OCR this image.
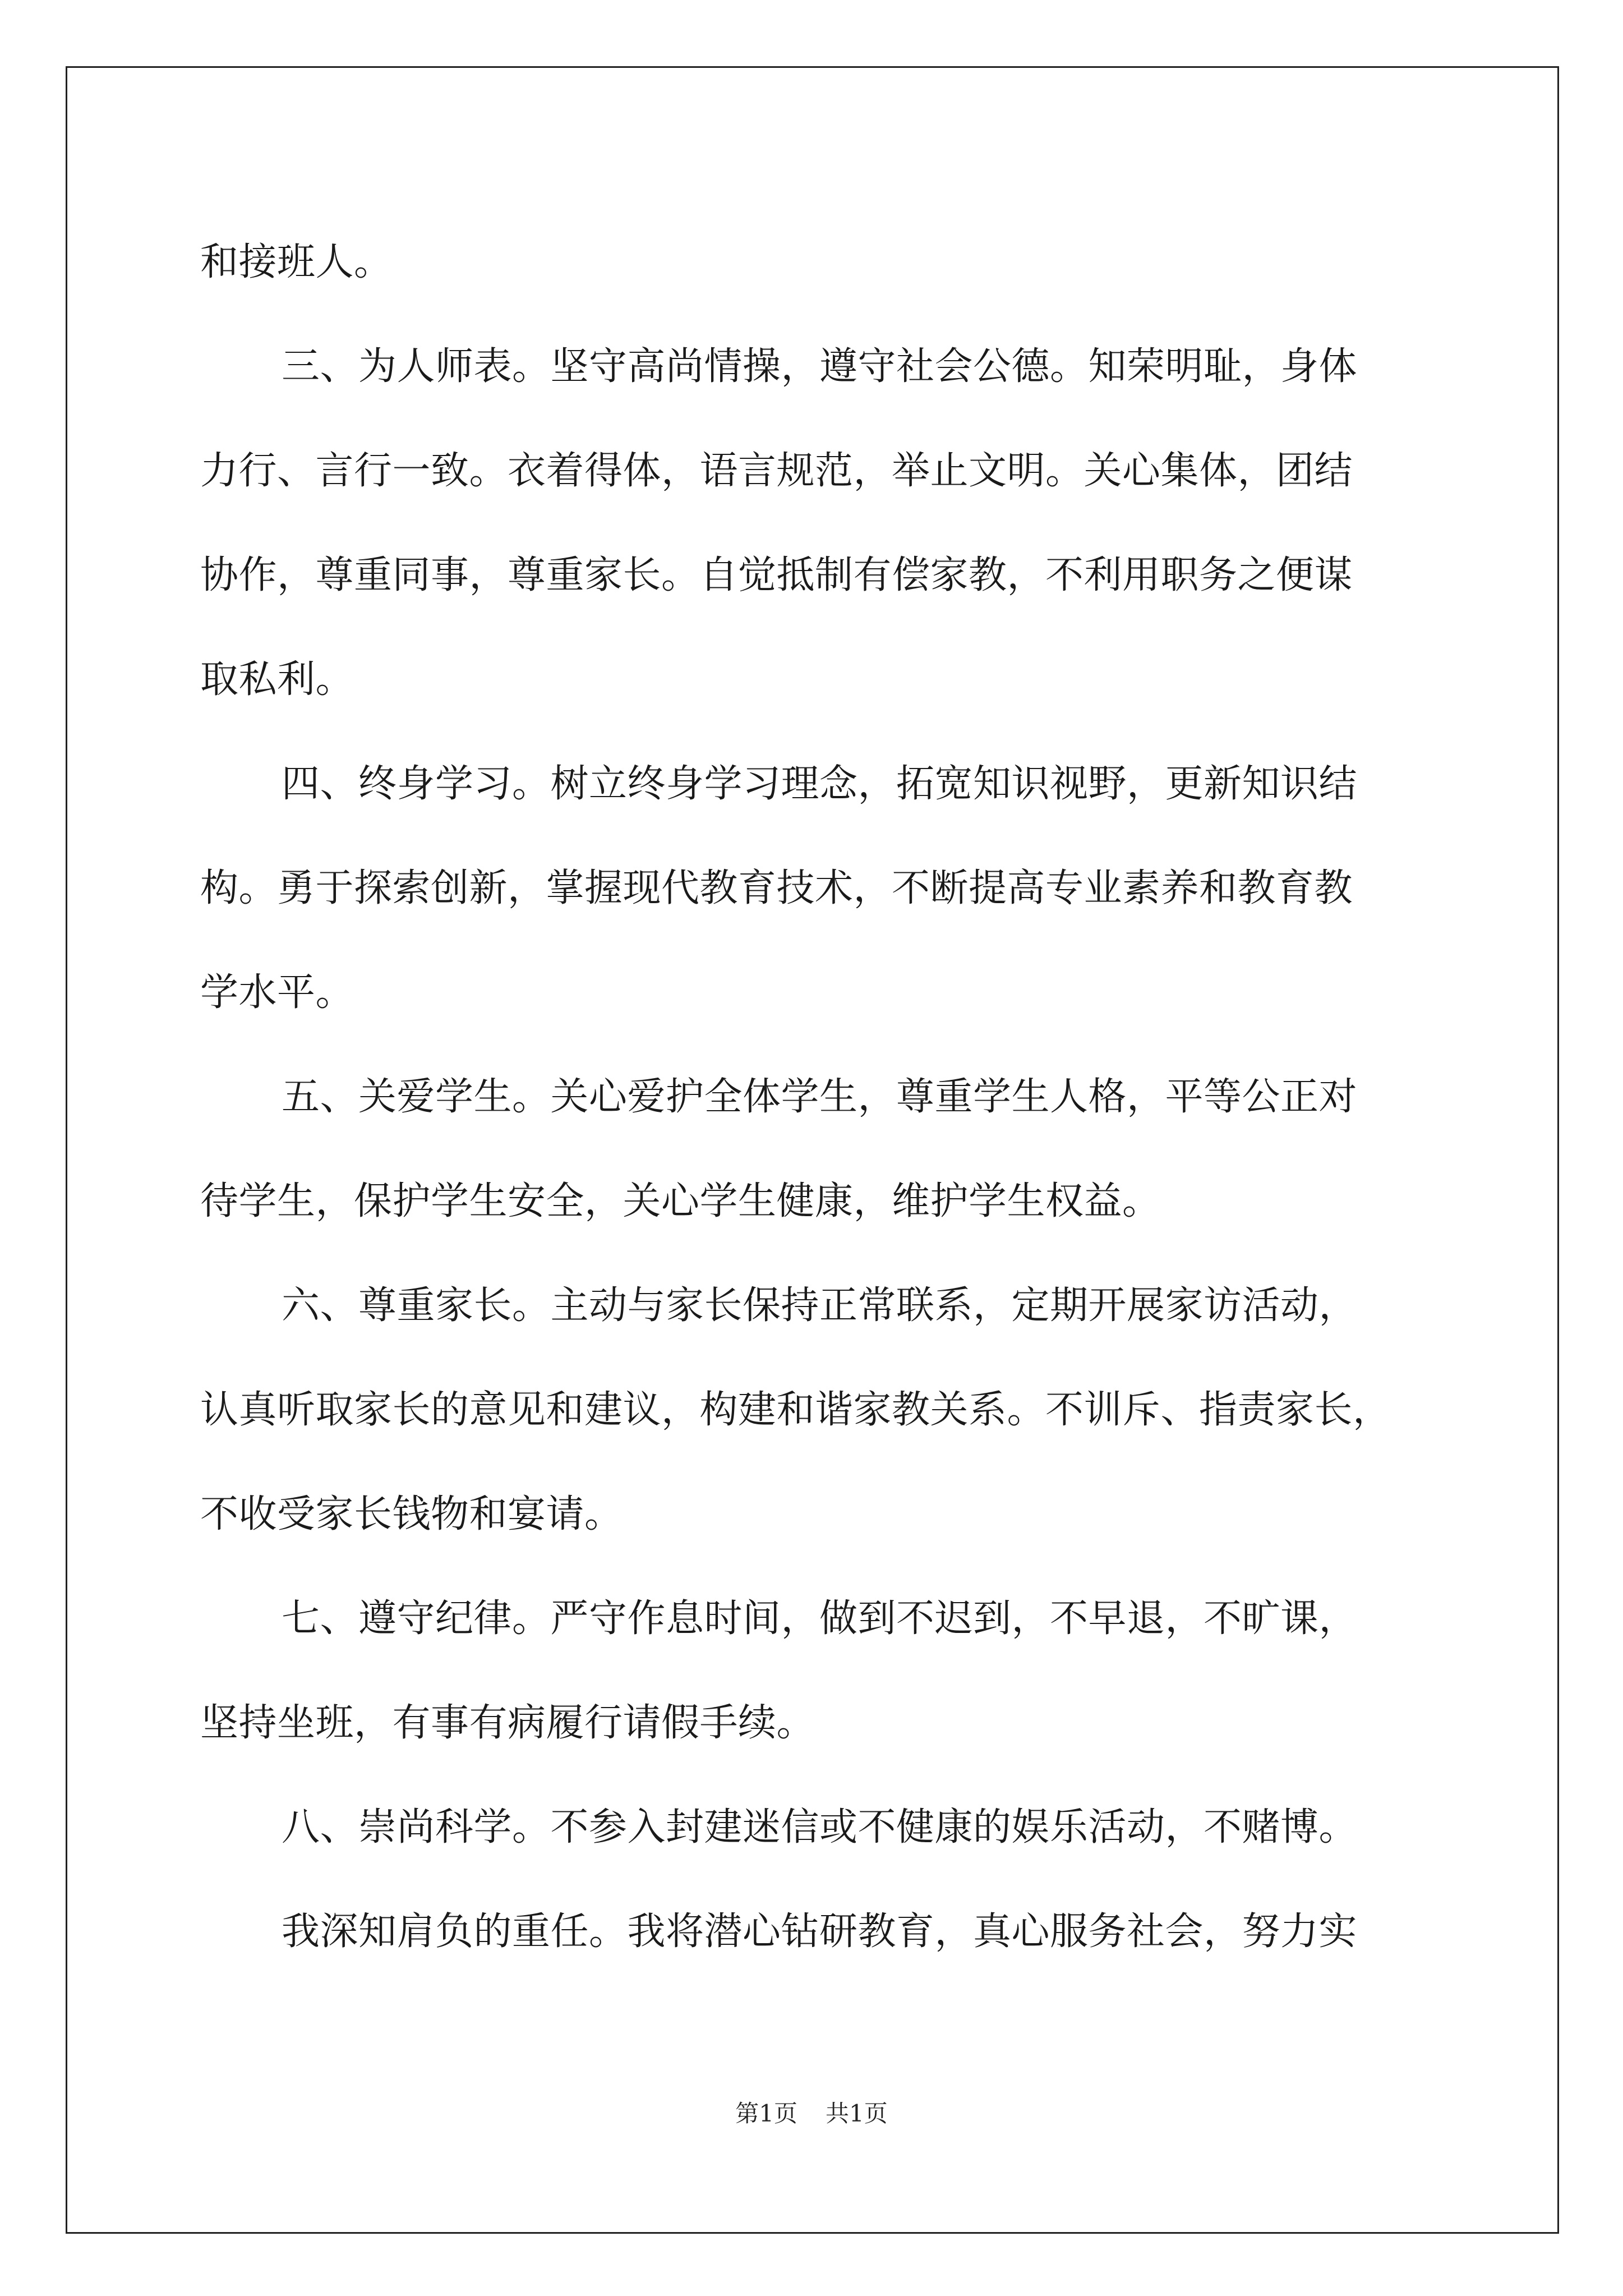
和接班人。

三、为人师表。坚守高尚情操，遵守社会公德。知荣明耻，身体
力行、言行一致。衣着得体，语言规范，举止文明。关心集体，团结
协作，尊重同事，尊重家长。自觉抵制有偿家教，不利用职务之便谋
取私利。

四、终身学习。树立终身学习理念，拓宽知识视野，更新知识结
构。勇于探索创新，掌握现代教育技术，不断提高专业素养和教育教
学水平。

五、关爱学生。关心爱护全体学生，尊重学生人格，平等公正对
待学生，保护学生安全，关心学生健康，维护学生权益。

六、尊重家长。主动与家长保持正常联系，定期开展家访活动，
认真听取家长的意见和建议，构建和谐家教关系。不训斥、指责家长，
不收受家长钱物和宴请。

七、遵守纪律。严守作息时间，做到不迟到，不早退，不旷课，
坚持坐班，有事有病履行请假手续。

八、崇尚科学。不参入封建迷信或不健康的娱乐活动，不赌博。

我深知肩负的重任。我将潜心钻研教育，真心服务社会，努力实

第1页 共1页
